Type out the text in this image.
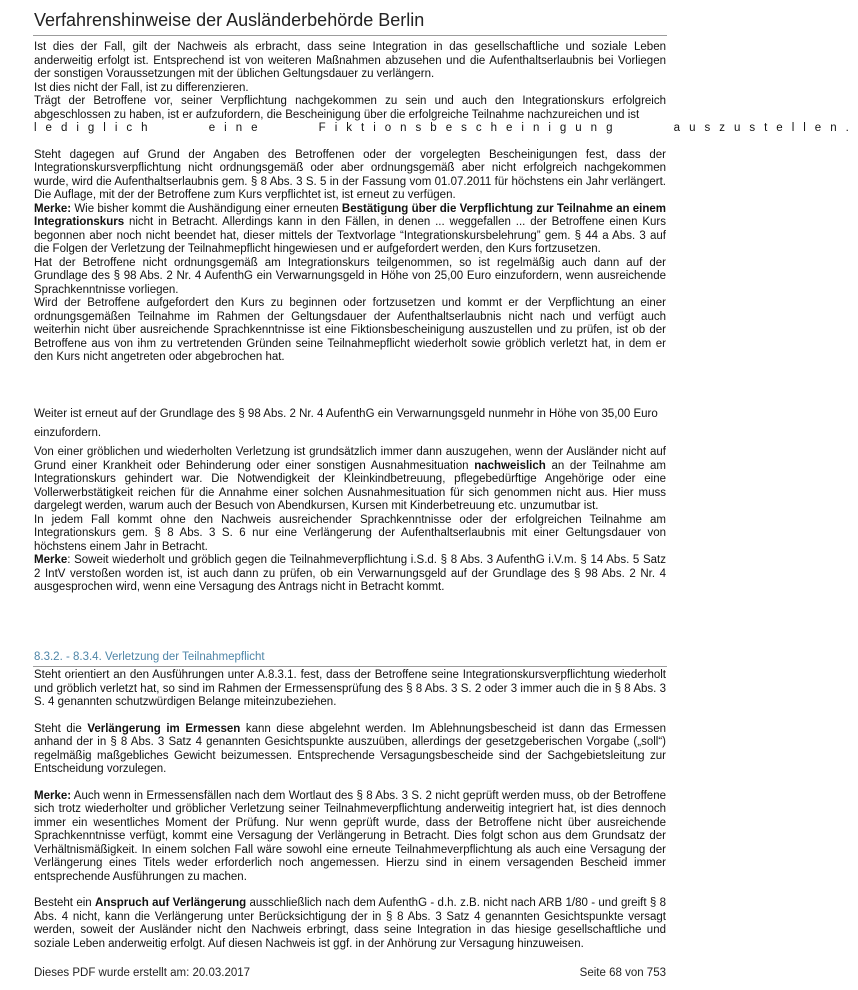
Verfahrenshinweise der Ausländerbehörde Berlin

Ist dies der Fall, gilt der Nachweis als erbracht, dass seine Integration in das gesellschaftliche und soziale Leben anderweitig erfolgt ist. Entsprechend ist von weiteren Maßnahmen abzusehen und die Aufenthaltserlaubnis bei Vorliegen der sonstigen Voraussetzungen mit der üblichen Geltungsdauer zu verlängern.

Ist dies nicht der Fall, ist zu differenzieren.

Trägt der Betroffene vor, seiner Verpflichtung nachgekommen zu sein und auch den Integrationskurs erfolgreich abgeschlossen zu haben, ist er aufzufordern, die Bescheinigung über die erfolgreiche Teilnahme nachzureichen und ist

lediglich eine Fiktionsbescheinigung auszustellen.

Steht dagegen auf Grund der Angaben des Betroffenen oder der vorgelegten Bescheinigungen fest, dass der Integrationskursverpflichtung nicht ordnungsgemäß oder aber ordnungsgemäß aber nicht erfolgreich nachgekommen wurde, wird die Aufenthaltserlaubnis gem. § 8 Abs. 3 S. 5 in der Fassung vom 01.07.2011 für höchstens ein Jahr verlängert. Die Auflage, mit der der Betroffene zum Kurs verpflichtet ist, ist erneut zu verfügen.

Merke: Wie bisher kommt die Aushändigung einer erneuten Bestätigung über die Verpflichtung zur Teilnahme an einem Integrationskurs nicht in Betracht. Allerdings kann in den Fällen, in denen ... weggefallen ... der Betroffene einen Kurs begonnen aber noch nicht beendet hat, dieser mittels der Textvorlage “Integrationskursbelehrung” gem. § 44 a Abs. 3 auf die Folgen der Verletzung der Teilnahmepflicht hingewiesen und er aufgefordert werden, den Kurs fortzusetzen.

Hat der Betroffene nicht ordnungsgemäß am Integrationskurs teilgenommen, so ist regelmäßig auch dann auf der Grundlage des § 98 Abs. 2 Nr. 4 AufenthG ein Verwarnungsgeld in Höhe von 25,00 Euro einzufordern, wenn ausreichende Sprachkenntnisse vorliegen.

Wird der Betroffene aufgefordert den Kurs zu beginnen oder fortzusetzen und kommt er der Verpflichtung an einer ordnungsgemäßen Teilnahme im Rahmen der Geltungsdauer der Aufenthaltserlaubnis nicht nach und verfügt auch weiterhin nicht über ausreichende Sprachkenntnisse ist eine Fiktionsbescheinigung auszustellen und zu prüfen, ist ob der Betroffene aus von ihm zu vertretenden Gründen seine Teilnahmepflicht wiederholt sowie gröblich verletzt hat, in dem er den Kurs nicht angetreten oder abgebrochen hat.

Weiter ist erneut auf der Grundlage des § 98 Abs. 2 Nr. 4 AufenthG ein Verwarnungsgeld nunmehr in Höhe von 35,00 Euro

einzufordern.

Von einer gröblichen und wiederholten Verletzung ist grundsätzlich immer dann auszugehen, wenn der Ausländer nicht auf Grund einer Krankheit oder Behinderung oder einer sonstigen Ausnahmesituation nachweislich an der Teilnahme am Integrationskurs gehindert war. Die Notwendigkeit der Kleinkindbetreuung, pflegebedürftige Angehörige oder eine Vollerwerbstätigkeit reichen für die Annahme einer solchen Ausnahmesituation für sich genommen nicht aus. Hier muss dargelegt werden, warum auch der Besuch von Abendkursen, Kursen mit Kinderbetreuung etc. unzumutbar ist.

In jedem Fall kommt ohne den Nachweis ausreichender Sprachkenntnisse oder der erfolgreichen Teilnahme am Integrationskurs gem. § 8 Abs. 3 S. 6 nur eine Verlängerung der Aufenthaltserlaubnis mit einer Geltungsdauer von höchstens einem Jahr in Betracht.

Merke: Soweit wiederholt und gröblich gegen die Teilnahmeverpflichtung i.S.d. § 8 Abs. 3 AufenthG i.V.m. § 14 Abs. 5 Satz 2 IntV verstoßen worden ist, ist auch dann zu prüfen, ob ein Verwarnungsgeld auf der Grundlage des § 98 Abs. 2 Nr. 4 ausgesprochen wird, wenn eine Versagung des Antrags nicht in Betracht kommt.

8.3.2. - 8.3.4. Verletzung der Teilnahmepflicht

Steht orientiert an den Ausführungen unter A.8.3.1. fest, dass der Betroffene seine Integrationskursverpflichtung wiederholt und gröblich verletzt hat, so sind im Rahmen der Ermessensprüfung des § 8 Abs. 3 S. 2 oder 3 immer auch die in § 8 Abs. 3 S. 4 genannten schutzwürdigen Belange miteinzubeziehen.

Steht die Verlängerung im Ermessen kann diese abgelehnt werden. Im Ablehnungsbescheid ist dann das Ermessen anhand der in § 8 Abs. 3 Satz 4 genannten Gesichtspunkte auszuüben, allerdings der gesetzgeberischen Vorgabe („soll“) regelmäßig maßgebliches Gewicht beizumessen. Entsprechende Versagungsbescheide sind der Sachgebietsleitung zur Entscheidung vorzulegen.

Merke: Auch wenn in Ermessensfällen nach dem Wortlaut des § 8 Abs. 3 S. 2 nicht geprüft werden muss, ob der Betroffene sich trotz wiederholter und gröblicher Verletzung seiner Teilnahmeverpflichtung anderweitig integriert hat, ist dies dennoch immer ein wesentliches Moment der Prüfung. Nur wenn geprüft wurde, dass der Betroffene nicht über ausreichende Sprachkenntnisse verfügt, kommt eine Versagung der Verlängerung in Betracht. Dies folgt schon aus dem Grundsatz der Verhältnismäßigkeit. In einem solchen Fall wäre sowohl eine erneute Teilnahmeverpflichtung als auch eine Versagung der Verlängerung eines Titels weder erforderlich noch angemessen. Hierzu sind in einem versagenden Bescheid immer entsprechende Ausführungen zu machen.

Besteht ein Anspruch auf Verlängerung ausschließlich nach dem AufenthG - d.h. z.B. nicht nach ARB 1/80 - und greift § 8 Abs. 4 nicht, kann die Verlängerung unter Berücksichtigung der in § 8 Abs. 3 Satz 4 genannten Gesichtspunkte versagt werden, soweit der Ausländer nicht den Nachweis erbringt, dass seine Integration in das hiesige gesellschaftliche und soziale Leben anderweitig erfolgt. Auf diesen Nachweis ist ggf. in der Anhörung zur Versagung hinzuweisen.

Dieses PDF wurde erstellt am: 20.03.2017	Seite 68 von 753
